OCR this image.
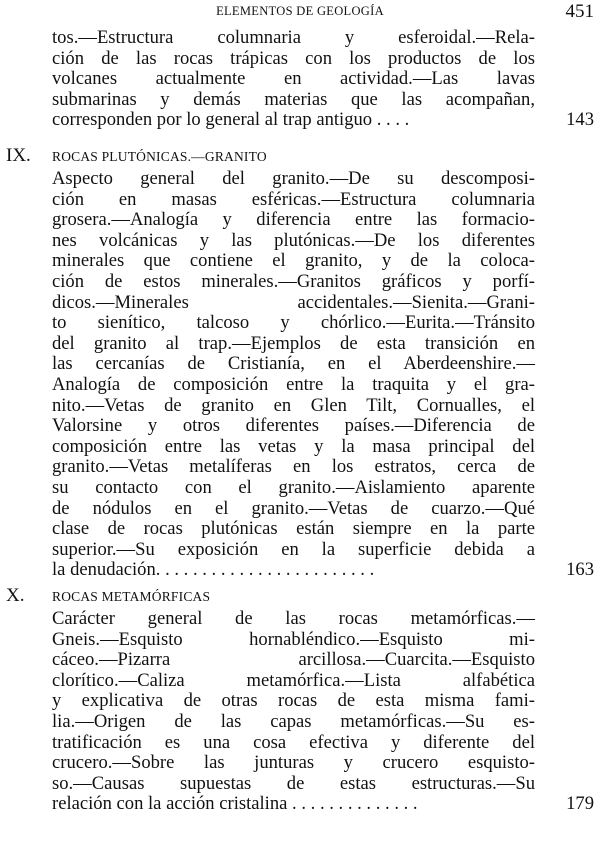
ELEMENTOS DE GEOLOGÍA	451
tos.—Estructura columnaria y esferoidal.—Rela-
ción de las rocas trápicas con los productos de los
volcanes actualmente en actividad.—Las lavas
submarinas y demás materias que las acompañan,
corresponden por lo general al trap antiguo . . . .	143
IX. ROCAS PLUTÓNICAS.—GRANITO
Aspecto general del granito.—De su descomposi-
ción en masas esféricas.—Estructura columnaria
grosera.—Analogía y diferencia entre las formacio-
nes volcánicas y las plutónicas.—De los diferentes
minerales que contiene el granito, y de la coloca-
ción de estos minerales.—Granitos gráficos y porfí-
dicos.—Minerales accidentales.—Sienita.—Grani-
to sienítico, talcoso y chórlico.—Eurita.—Tránsito
del granito al trap.—Ejemplos de esta transición en
las cercanías de Cristianía, en el Aberdeenshire.—
Analogía de composición entre la traquita y el gra-
nito.—Vetas de granito en Glen Tilt, Cornualles, el
Valorsine y otros diferentes países.—Diferencia de
composición entre las vetas y la masa principal del
granito.—Vetas metalíferas en los estratos, cerca de
su contacto con el granito.—Aislamiento aparente
de nódulos en el granito.—Vetas de cuarzo.—Qué
clase de rocas plutónicas están siempre en la parte
superior.—Su exposición en la superficie debida a
la denudación. . . . . . . . . . . . . . . . . . . . . . . .	163
X. ROCAS METAMÓRFICAS
Carácter general de las rocas metamórficas.—
Gneis.—Esquisto hornabléndico.—Esquisto mi-
cáceo.—Pizarra arcillosa.—Cuarcita.—Esquisto
clorítico.—Caliza metamórfica.—Lista alfabética
y explicativa de otras rocas de esta misma fami-
lia.—Origen de las capas metamórficas.—Su es-
tratificación es una cosa efectiva y diferente del
crucero.—Sobre las junturas y crucero esquisto-
so.—Causas supuestas de estas estructuras.—Su
relación con la acción cristalina . . . . . . . . . . . . . .	179
